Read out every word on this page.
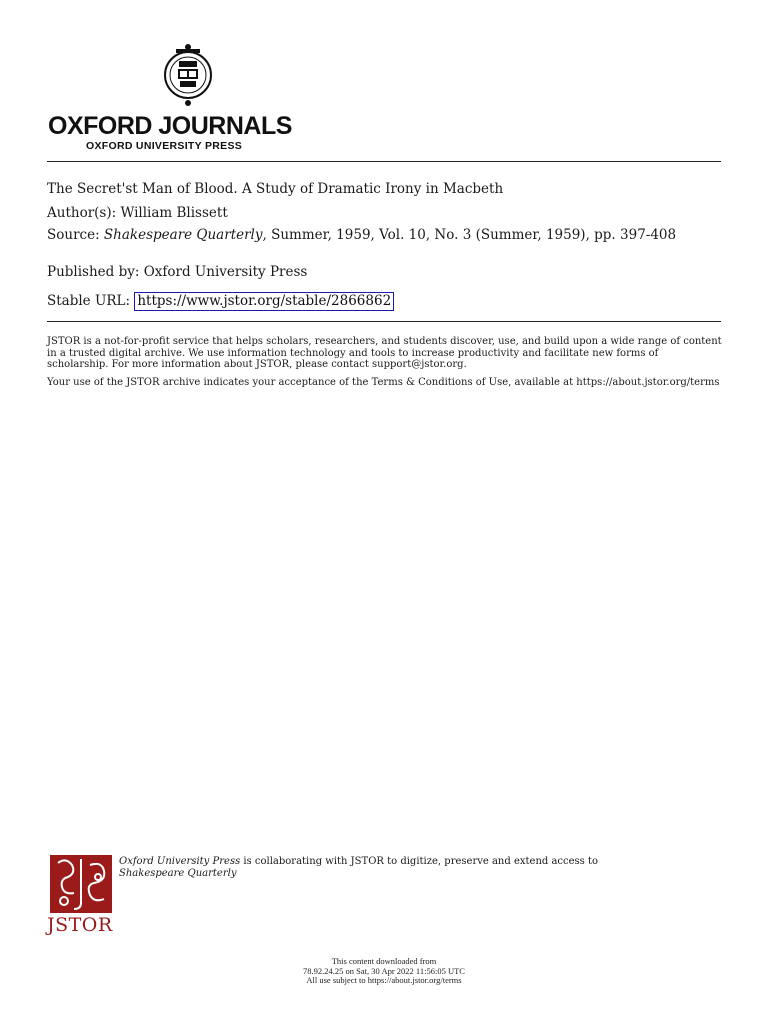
OXFORD JOURNALS
OXFORD UNIVERSITY PRESS
The Secret'st Man of Blood. A Study of Dramatic Irony in Macbeth
Author(s): William Blissett
Source: Shakespeare Quarterly, Summer, 1959, Vol. 10, No. 3 (Summer, 1959), pp. 397-408
Published by: Oxford University Press
Stable URL: https://www.jstor.org/stable/2866862
JSTOR is a not-for-profit service that helps scholars, researchers, and students discover, use, and build upon a wide range of content in a trusted digital archive. We use information technology and tools to increase productivity and facilitate new forms of scholarship. For more information about JSTOR, please contact support@jstor.org.
Your use of the JSTOR archive indicates your acceptance of the Terms & Conditions of Use, available at https://about.jstor.org/terms
JSTOR
Oxford University Press is collaborating with JSTOR to digitize, preserve and extend access to
Shakespeare Quarterly
This content downloaded from
78.92.24.25 on Sat, 30 Apr 2022 11:56:05 UTC
All use subject to https://about.jstor.org/terms
